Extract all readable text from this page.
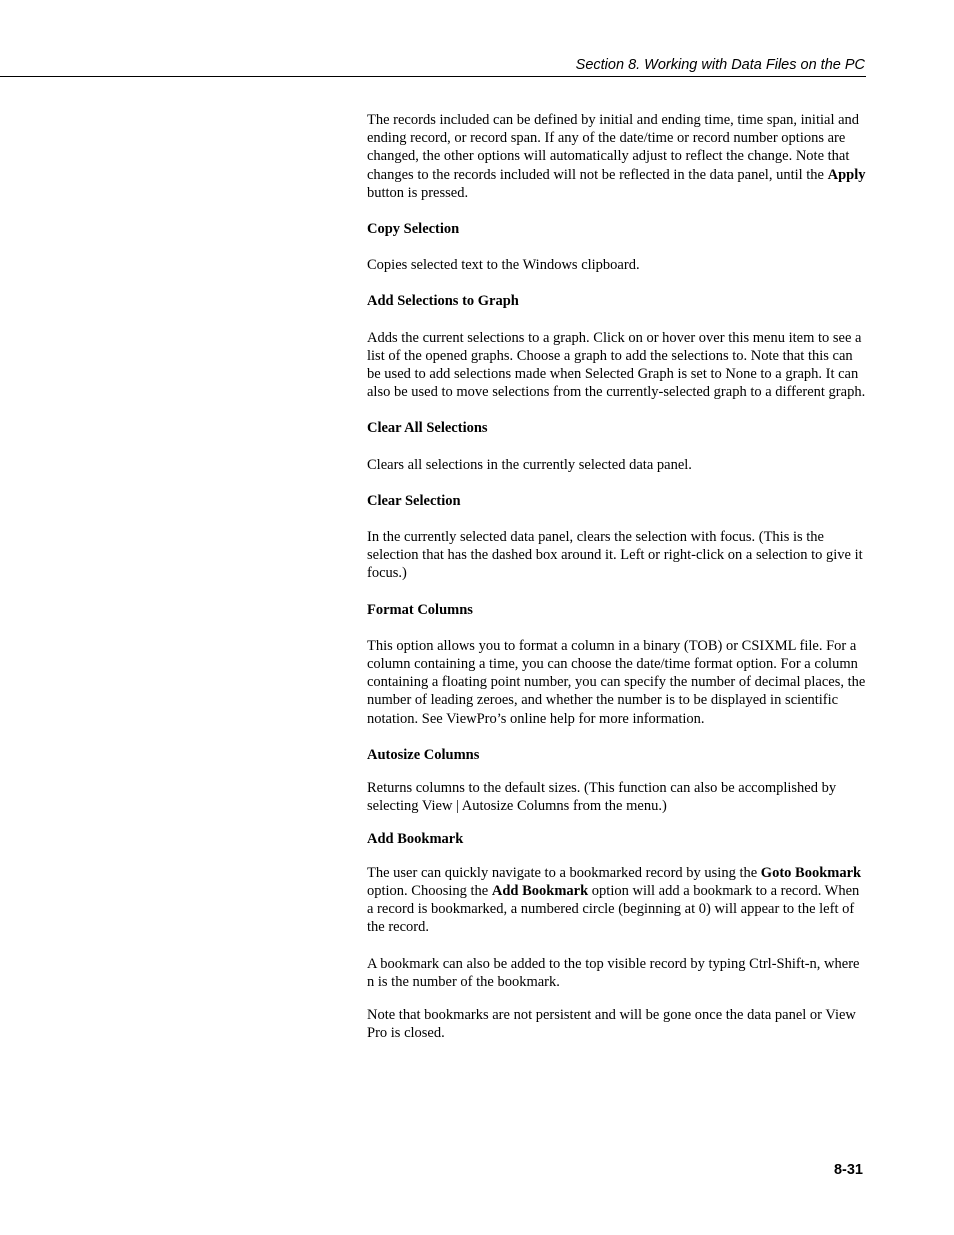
Section 8. Working with Data Files on the PC

The records included can be defined by initial and ending time, time span, initial and ending record, or record span. If any of the date/time or record number options are changed, the other options will automatically adjust to reflect the change. Note that changes to the records included will not be reflected in the data panel, until the Apply button is pressed.

Copy Selection

Copies selected text to the Windows clipboard.

Add Selections to Graph

Adds the current selections to a graph. Click on or hover over this menu item to see a list of the opened graphs. Choose a graph to add the selections to. Note that this can be used to add selections made when Selected Graph is set to None to a graph. It can also be used to move selections from the currently-selected graph to a different graph.

Clear All Selections

Clears all selections in the currently selected data panel.

Clear Selection

In the currently selected data panel, clears the selection with focus. (This is the selection that has the dashed box around it. Left or right-click on a selection to give it focus.)

Format Columns

This option allows you to format a column in a binary (TOB) or CSIXML file. For a column containing a time, you can choose the date/time format option. For a column containing a floating point number, you can specify the number of decimal places, the number of leading zeroes, and whether the number is to be displayed in scientific notation. See ViewPro’s online help for more information.

Autosize Columns

Returns columns to the default sizes. (This function can also be accomplished by selecting View | Autosize Columns from the menu.)

Add Bookmark

The user can quickly navigate to a bookmarked record by using the Goto Bookmark option. Choosing the Add Bookmark option will add a bookmark to a record. When a record is bookmarked, a numbered circle (beginning at 0) will appear to the left of the record.

A bookmark can also be added to the top visible record by typing Ctrl-Shift-n, where n is the number of the bookmark.

Note that bookmarks are not persistent and will be gone once the data panel or View Pro is closed.

8-31
